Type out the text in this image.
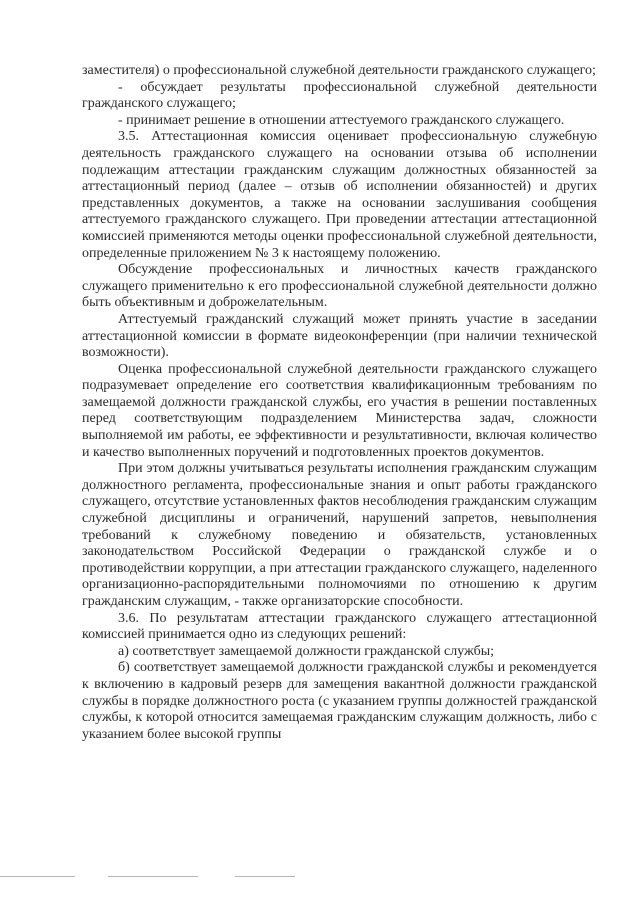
заместителя) о профессиональной служебной деятельности гражданского служащего;

- обсуждает результаты профессиональной служебной деятельности гражданского служащего;

- принимает решение в отношении аттестуемого гражданского служащего.

3.5. Аттестационная комиссия оценивает профессиональную служебную деятельность гражданского служащего на основании отзыва об исполнении подлежащим аттестации гражданским служащим должностных обязанностей за аттестационный период (далее – отзыв об исполнении обязанностей) и других представленных документов, а также на основании заслушивания сообщения аттестуемого гражданского служащего. При проведении аттестации аттестационной комиссией применяются методы оценки профессиональной служебной деятельности, определенные приложением № 3 к настоящему положению.

Обсуждение профессиональных и личностных качеств гражданского служащего применительно к его профессиональной служебной деятельности должно быть объективным и доброжелательным.

Аттестуемый гражданский служащий может принять участие в заседании аттестационной комиссии в формате видеоконференции (при наличии технической возможности).

Оценка профессиональной служебной деятельности гражданского служащего подразумевает определение его соответствия квалификационным требованиям по замещаемой должности гражданской службы, его участия в решении поставленных перед соответствующим подразделением Министерства задач, сложности выполняемой им работы, ее эффективности и результативности, включая количество и качество выполненных поручений и подготовленных проектов документов.

При этом должны учитываться результаты исполнения гражданским служащим должностного регламента, профессиональные знания и опыт работы гражданского служащего, отсутствие установленных фактов несоблюдения гражданским служащим служебной дисциплины и ограничений, нарушений запретов, невыполнения требований к служебному поведению и обязательств, установленных законодательством Российской Федерации о гражданской службе и о противодействии коррупции, а при аттестации гражданского служащего, наделенного организационно-распорядительными полномочиями по отношению к другим гражданским служащим, - также организаторские способности.

3.6. По результатам аттестации гражданского служащего аттестационной комиссией принимается одно из следующих решений:

а) соответствует замещаемой должности гражданской службы;

б) соответствует замещаемой должности гражданской службы и рекомендуется к включению в кадровый резерв для замещения вакантной должности гражданской службы в порядке должностного роста (с указанием группы должностей гражданской службы, к которой относится замещаемая гражданским служащим должность, либо с указанием более высокой группы
